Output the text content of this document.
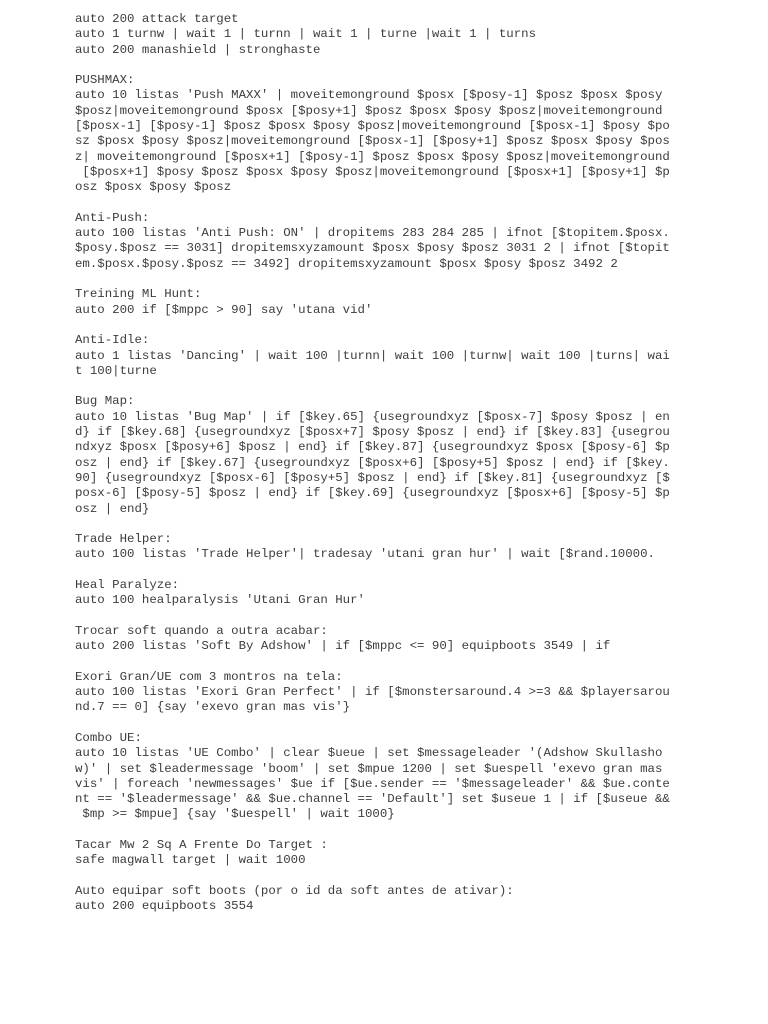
auto 200 attack target
auto 1 turnw | wait 1 | turnn | wait 1 | turne |wait 1 | turns
auto 200 manashield | stronghaste
PUSHMAX:
auto 10 listas 'Push MAXX' | moveitemonground $posx [$posy-1] $posz $posx $posy
$posz|moveitemonground $posx [$posy+1] $posz $posx $posy $posz|moveitemonground
[$posx-1] [$posy-1] $posz $posx $posy $posz|moveitemonground [$posx-1] $posy $po
sz $posx $posy $posz|moveitemonground [$posx-1] [$posy+1] $posz $posx $posy $pos
z| moveitemonground [$posx+1] [$posy-1] $posz $posx $posy $posz|moveitemonground
[$posx+1] $posy $posz $posx $posy $posz|moveitemonground [$posx+1] [$posy+1] $p
osz $posx $posy $posz
Anti-Push:
auto 100 listas 'Anti Push: ON' | dropitems 283 284 285 | ifnot [$topitem.$posx.
$posy.$posz == 3031] dropitemsxyzamount $posx $posy $posz 3031 2 | ifnot [$topit
em.$posx.$posy.$posz == 3492] dropitemsxyzamount $posx $posy $posz 3492 2
Treining ML Hunt:
auto 200 if [$mppc > 90] say 'utana vid'
Anti-Idle:
auto 1 listas 'Dancing' | wait 100 |turnn| wait 100 |turnw| wait 100 |turns| wai
t 100|turne
Bug Map:
auto 10 listas 'Bug Map' | if [$key.65] {usegroundxyz [$posx-7] $posy $posz | en
d} if [$key.68] {usegroundxyz [$posx+7] $posy $posz | end} if [$key.83] {usegrou
ndxyz $posx [$posy+6] $posz | end} if [$key.87] {usegroundxyz $posx [$posy-6] $p
osz | end} if [$key.67] {usegroundxyz [$posx+6] [$posy+5] $posz | end} if [$key.
90] {usegroundxyz [$posx-6] [$posy+5] $posz | end} if [$key.81] {usegroundxyz [$
posx-6] [$posy-5] $posz | end} if [$key.69] {usegroundxyz [$posx+6] [$posy-5] $p
osz | end}
Trade Helper:
auto 100 listas 'Trade Helper'| tradesay 'utani gran hur' | wait [$rand.10000.
Heal Paralyze:
auto 100 healparalysis 'Utani Gran Hur'
Trocar soft quando a outra acabar:
auto 200 listas 'Soft By Adshow' | if [$mppc <= 90] equipboots 3549 | if
Exori Gran/UE com 3 montros na tela:
auto 100 listas 'Exori Gran Perfect' | if [$monstersaround.4 >=3 && $playersarou
nd.7 == 0] {say 'exevo gran mas vis'}
Combo UE:
auto 10 listas 'UE Combo' | clear $ueue | set $messageleader '(Adshow Skullasho
w)' | set $leadermessage 'boom' | set $mpue 1200 | set $uespell 'exevo gran mas
vis' | foreach 'newmessages' $ue if [$ue.sender == '$messageleader' && $ue.conte
nt == '$leadermessage' && $ue.channel == 'Default'] set $useue 1 | if [$useue &&
$mp >= $mpue] {say '$uespell' | wait 1000}
Tacar Mw 2 Sq A Frente Do Target :
safe magwall target | wait 1000
Auto equipar soft boots (por o id da soft antes de ativar):
auto 200 equipboots 3554
